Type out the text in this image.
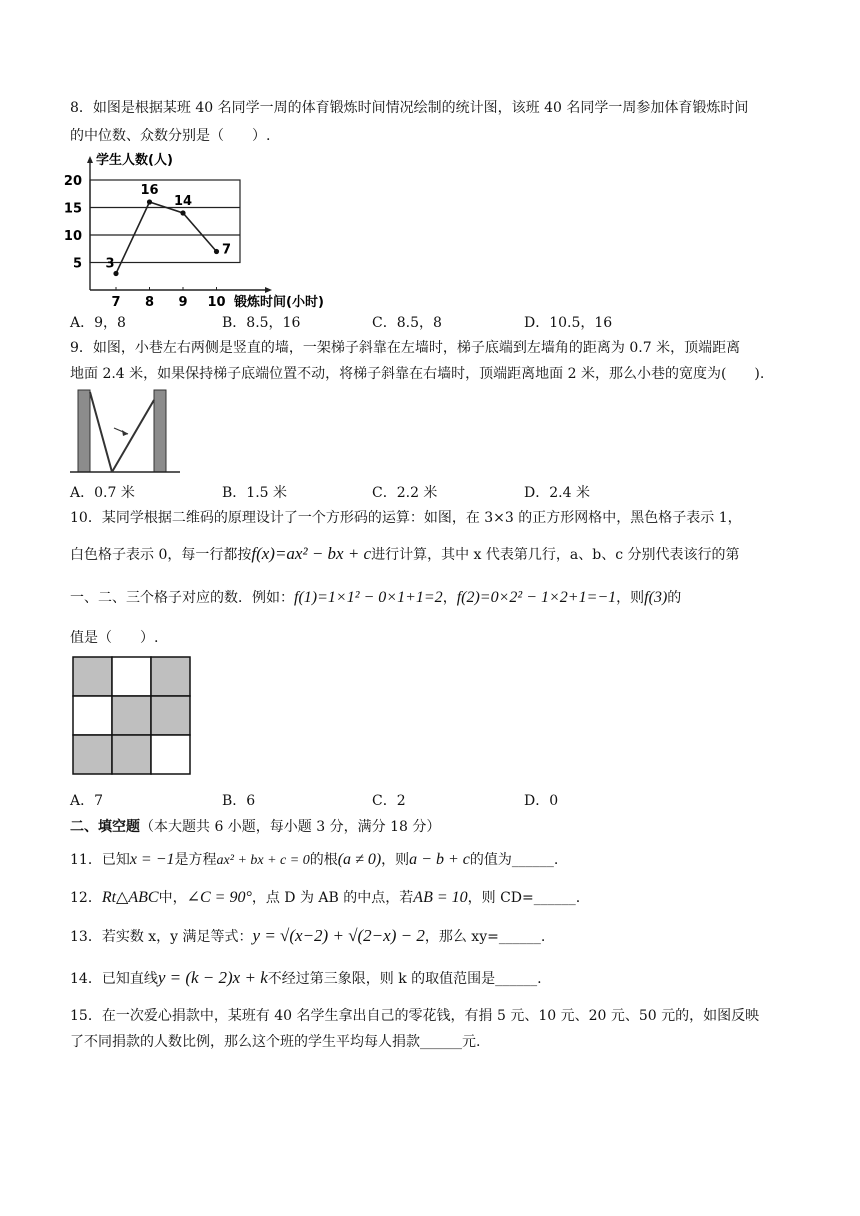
8．如图是根据某班 40 名同学一周的体育锻炼时间情况绘制的统计图，该班 40 名同学一周参加体育锻炼时间
的中位数、众数分别是（　　）.
学生人数(人)
锻炼时间(小时)
5
10
15
20
7 8 9 10
3
16
14
7
A．9，8	B．8.5，16	C．8.5，8	D．10.5，16
9．如图，小巷左右两侧是竖直的墙，一架梯子斜靠在左墙时，梯子底端到左墙角的距离为 0.7 米，顶端距离
地面 2.4 米，如果保持梯子底端位置不动，将梯子斜靠在右墙时，顶端距离地面 2 米，那么小巷的宽度为(　　).
A．0.7 米	B．1.5 米	C．2.2 米	D．2.4 米
10．某同学根据二维码的原理设计了一个方形码的运算：如图，在 3×3 的正方形网格中，黑色格子表示 1，
白色格子表示 0，每一行都按f(x)=ax² − bx + c进行计算，其中 x 代表第几行，a、b、c 分别代表该行的第
一、二、三个格子对应的数．例如：f(1)=1×1² − 0×1+1=2，f(2)=0×2² − 1×2+1=−1，则f(3)的
值是（　　）.
A．7	B．6	C．2	D．0
二、填空题（本大题共 6 小题，每小题 3 分，满分 18 分）
11．已知x = −1是方程ax² + bx + c = 0的根(a ≠ 0)，则a − b + c的值为______.
12．Rt△ABC中，∠C = 90°，点 D 为 AB 的中点，若AB = 10，则 CD=______.
13．若实数 x，y 满足等式：y = √(x−2) + √(2−x) − 2，那么 xy=______.
14．已知直线y = (k − 2)x + k不经过第三象限，则 k 的取值范围是______.
15．在一次爱心捐款中，某班有 40 名学生拿出自己的零花钱，有捐 5 元、10 元、20 元、50 元的，如图反映
了不同捐款的人数比例，那么这个班的学生平均每人捐款______元.
